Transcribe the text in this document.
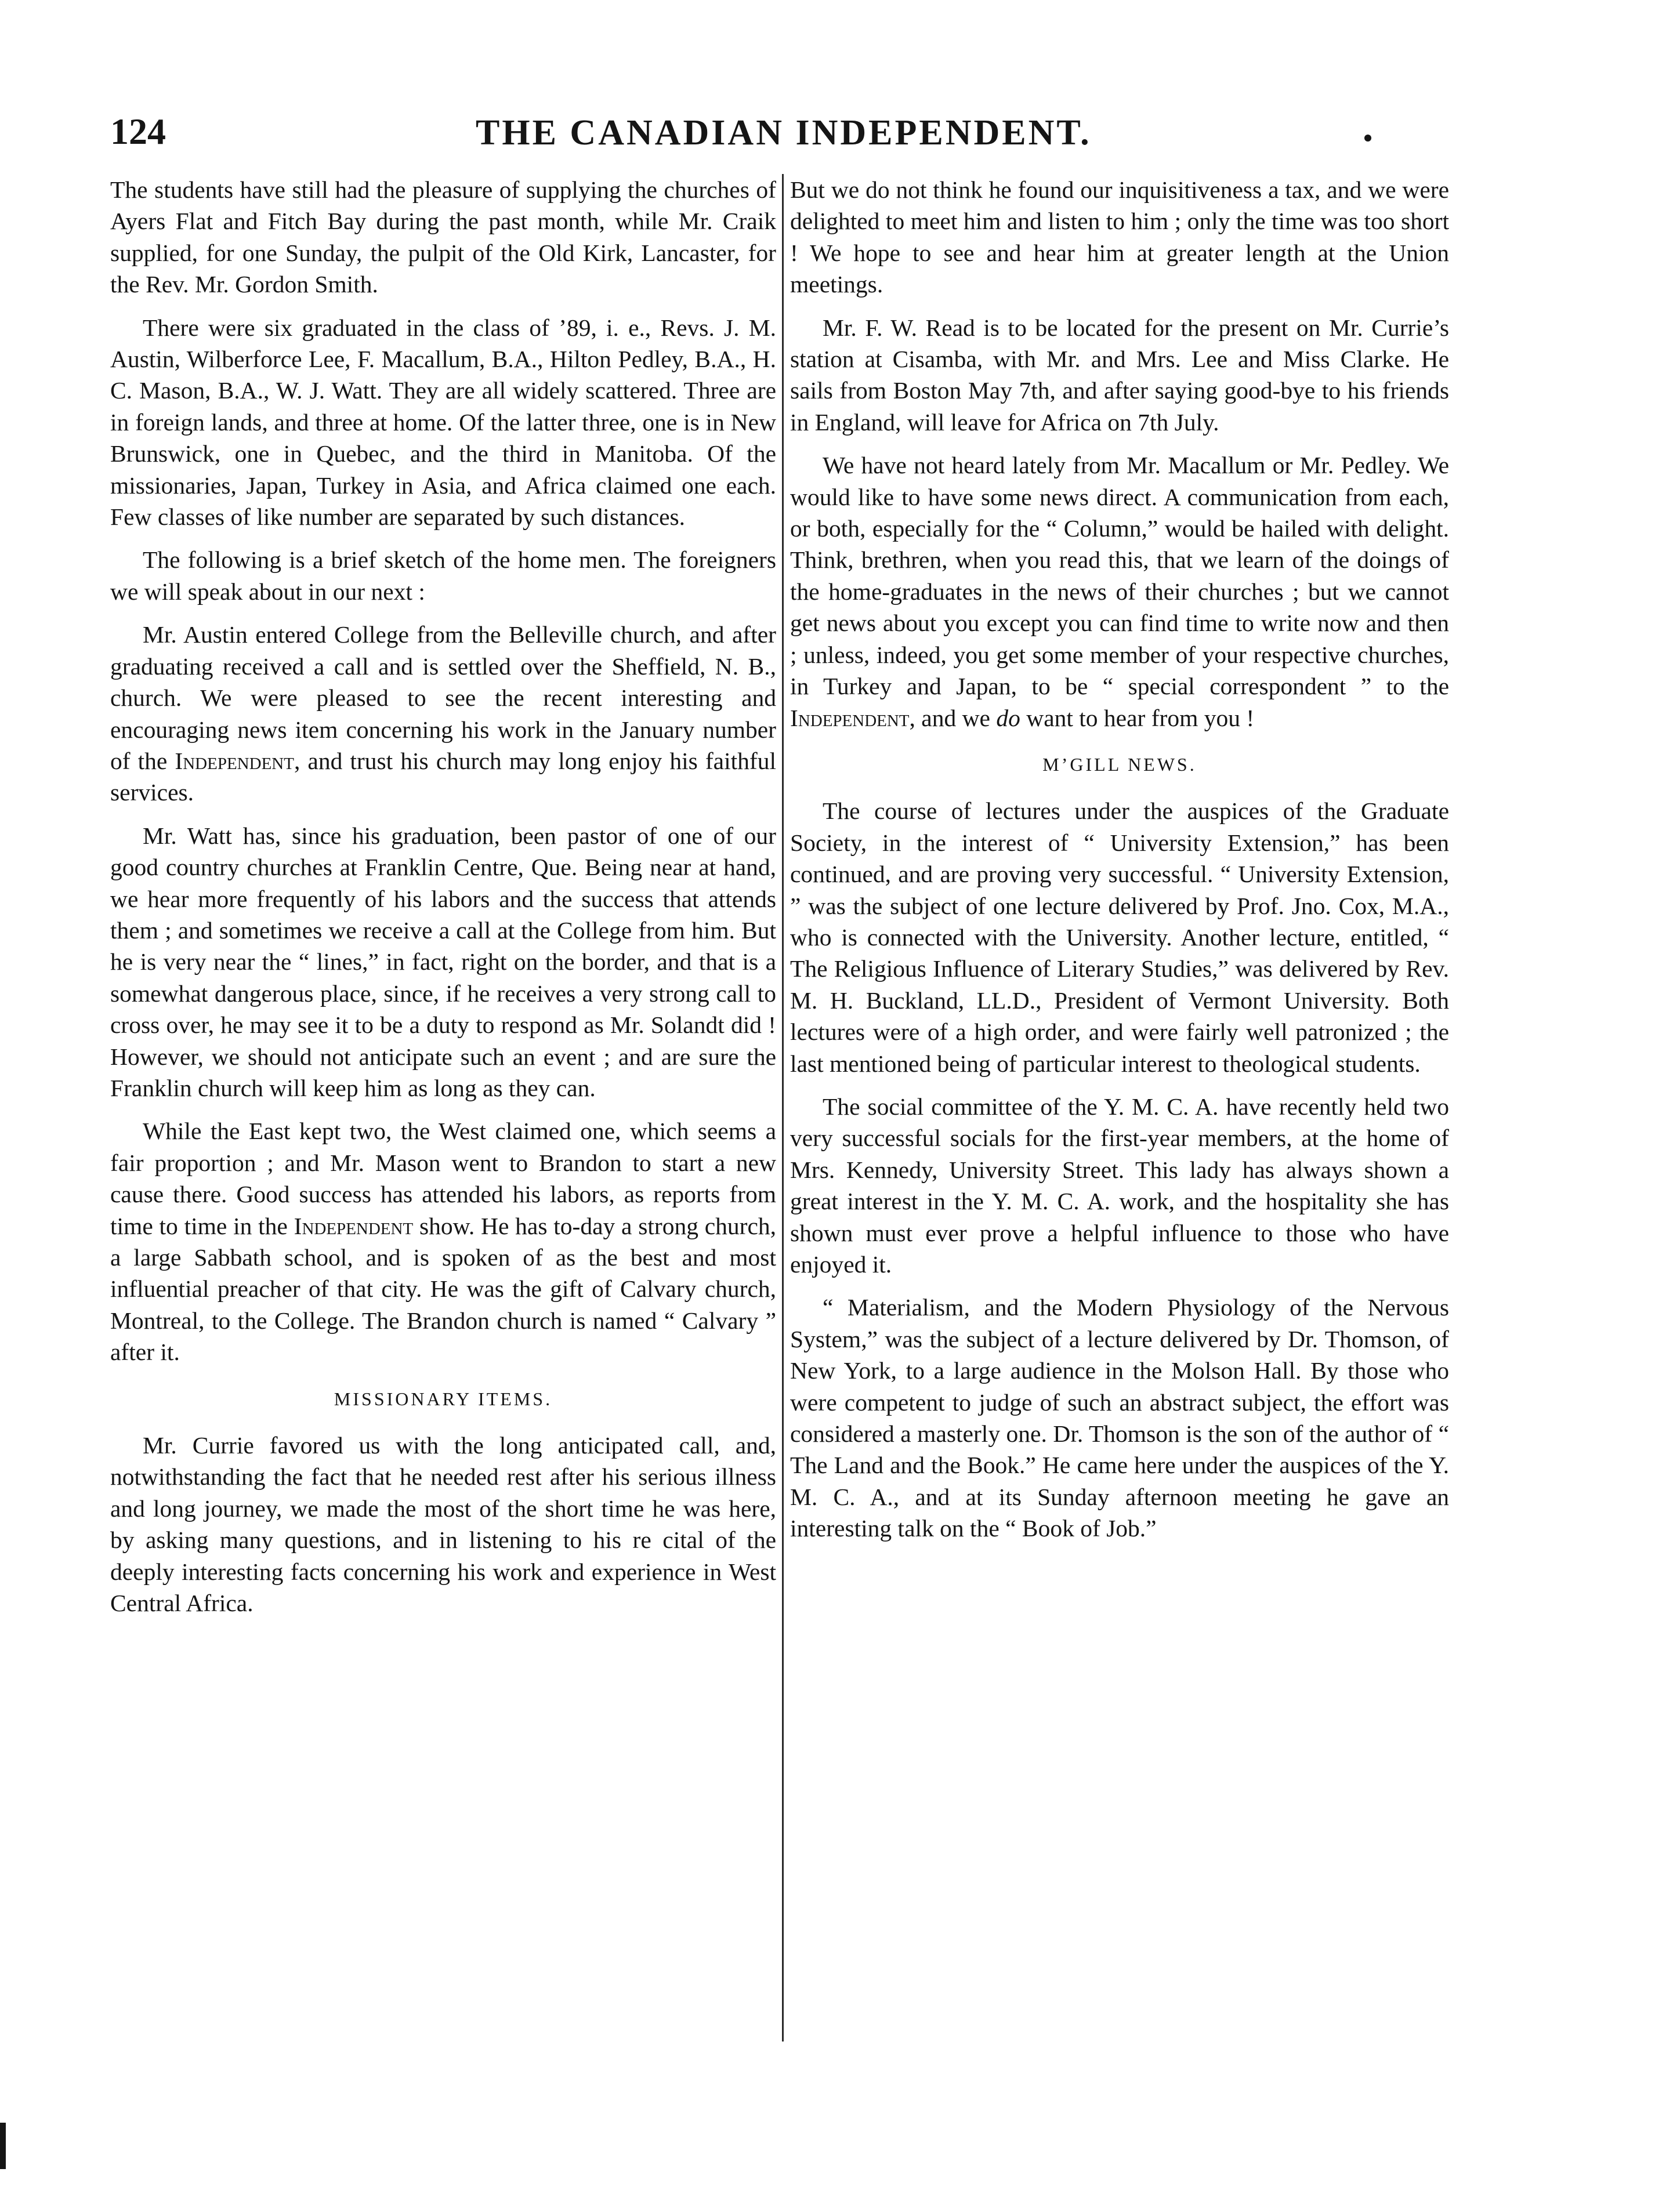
124	THE CANADIAN INDEPENDENT.

The students have still had the pleasure of supplying the churches of Ayers Flat and Fitch Bay during the past month, while Mr. Craik supplied, for one Sunday, the pulpit of the Old Kirk, Lancaster, for the Rev. Mr. Gordon Smith.

There were six graduated in the class of ’89, i. e., Revs. J. M. Austin, Wilberforce Lee, F. Macallum, B.A., Hilton Pedley, B.A., H. C. Mason, B.A., W. J. Watt. They are all widely scattered. Three are in foreign lands, and three at home. Of the latter three, one is in New Brunswick, one in Quebec, and the third in Manitoba. Of the missionaries, Japan, Turkey in Asia, and Africa claimed one each. Few classes of like number are separated by such distances.

The following is a brief sketch of the home men. The foreigners we will speak about in our next :

Mr. Austin entered College from the Belleville church, and after graduating received a call and is settled over the Sheffield, N. B., church. We were pleased to see the recent interesting and encouraging news item concerning his work in the January number of the Independent, and trust his church may long enjoy his faithful services.

Mr. Watt has, since his graduation, been pastor of one of our good country churches at Franklin Centre, Que. Being near at hand, we hear more frequently of his labors and the success that attends them ; and sometimes we receive a call at the College from him. But he is very near the “ lines,” in fact, right on the border, and that is a somewhat dangerous place, since, if he receives a very strong call to cross over, he may see it to be a duty to respond as Mr. Solandt did ! However, we should not anticipate such an event ; and are sure the Franklin church will keep him as long as they can.

While the East kept two, the West claimed one, which seems a fair proportion ; and Mr. Mason went to Brandon to start a new cause there. Good success has attended his labors, as reports from time to time in the Independent show. He has to-day a strong church, a large Sabbath school, and is spoken of as the best and most influential preacher of that city. He was the gift of Calvary church, Montreal, to the College. The Brandon church is named “ Calvary ” after it.

MISSIONARY ITEMS.

Mr. Currie favored us with the long anticipated call, and, notwithstanding the fact that he needed rest after his serious illness and long journey, we made the most of the short time he was here, by asking many questions, and in listening to his re cital of the deeply interesting facts concerning his work and experience in West Central Africa.

But we do not think he found our inquisitiveness a tax, and we were delighted to meet him and listen to him ; only the time was too short ! We hope to see and hear him at greater length at the Union meetings.

Mr. F. W. Read is to be located for the present on Mr. Currie’s station at Cisamba, with Mr. and Mrs. Lee and Miss Clarke. He sails from Boston May 7th, and after saying good-bye to his friends in England, will leave for Africa on 7th July.

We have not heard lately from Mr. Macallum or Mr. Pedley. We would like to have some news direct. A communication from each, or both, especially for the “ Column,” would be hailed with delight. Think, brethren, when you read this, that we learn of the doings of the home-graduates in the news of their churches ; but we cannot get news about you except you can find time to write now and then ; unless, indeed, you get some member of your respective churches, in Turkey and Japan, to be “ special correspondent ” to the Independent, and we do want to hear from you !

M’GILL NEWS.

The course of lectures under the auspices of the Graduate Society, in the interest of “ University Extension,” has been continued, and are proving very successful. “ University Extension, ” was the subject of one lecture delivered by Prof. Jno. Cox, M.A., who is connected with the University. Another lecture, entitled, “ The Religious Influence of Literary Studies,” was delivered by Rev. M. H. Buckland, LL.D., President of Vermont University. Both lectures were of a high order, and were fairly well patronized ; the last mentioned being of particular interest to theological students.

The social committee of the Y. M. C. A. have recently held two very successful socials for the first-year members, at the home of Mrs. Kennedy, University Street. This lady has always shown a great interest in the Y. M. C. A. work, and the hospitality she has shown must ever prove a helpful influence to those who have enjoyed it.

“ Materialism, and the Modern Physiology of the Nervous System,” was the subject of a lecture delivered by Dr. Thomson, of New York, to a large audience in the Molson Hall. By those who were competent to judge of such an abstract subject, the effort was considered a masterly one. Dr. Thomson is the son of the author of “ The Land and the Book.” He came here under the auspices of the Y. M. C. A., and at its Sunday afternoon meeting he gave an interesting talk on the “ Book of Job.”
